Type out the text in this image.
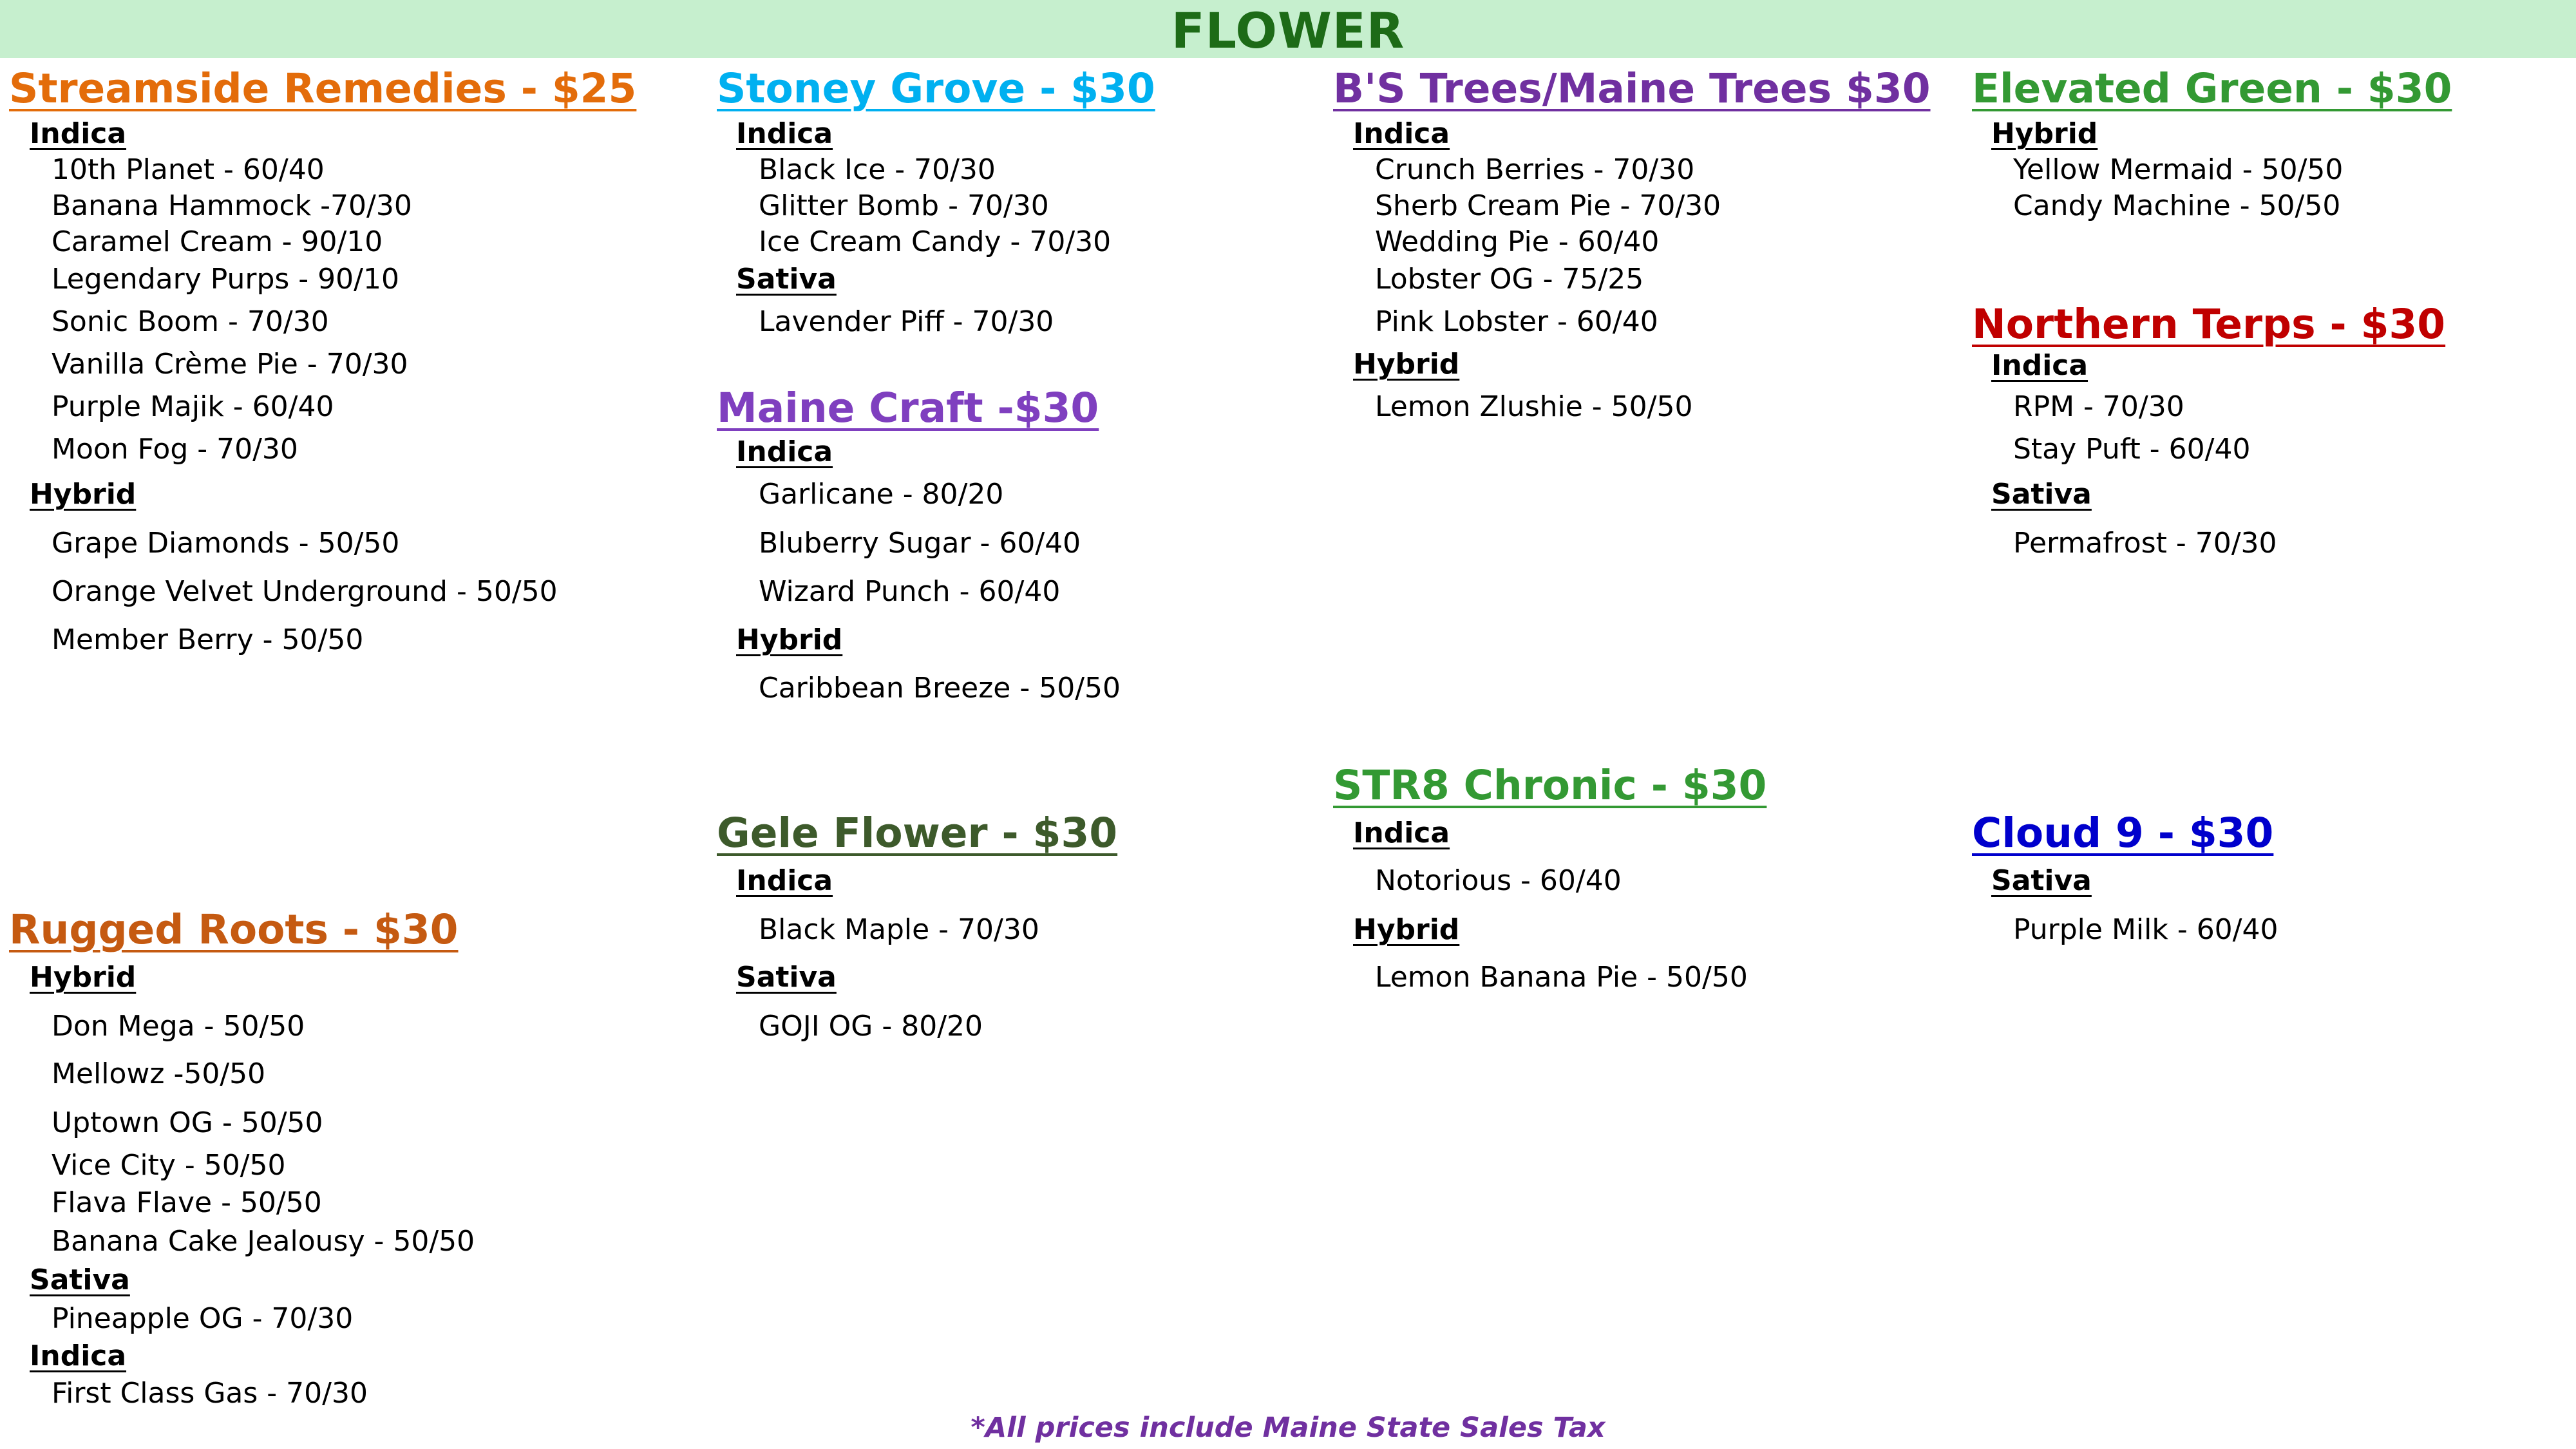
FLOWER
Streamside Remedies - $25
Indica
10th Planet - 60/40
Banana Hammock -70/30
Caramel Cream - 90/10
Legendary Purps - 90/10
Sonic Boom - 70/30
Vanilla Crème Pie - 70/30
Purple Majik - 60/40
Moon Fog - 70/30
Hybrid
Grape Diamonds - 50/50
Orange Velvet Underground - 50/50
Member Berry - 50/50
Stoney Grove - $30
Indica
Black Ice - 70/30
Glitter Bomb - 70/30
Ice Cream Candy - 70/30
Sativa
Lavender Piff - 70/30
Maine Craft -$30
Indica
Garlicane - 80/20
Bluberry Sugar - 60/40
Wizard Punch - 60/40
Hybrid
Caribbean Breeze - 50/50
B'S Trees/Maine Trees $30
Indica
Crunch Berries - 70/30
Sherb Cream Pie - 70/30
Wedding Pie - 60/40
Lobster OG - 75/25
Pink Lobster - 60/40
Hybrid
Lemon Zlushie - 50/50
STR8 Chronic - $30
Indica
Notorious - 60/40
Hybrid
Lemon Banana Pie - 50/50
Elevated Green - $30
Hybrid
Yellow Mermaid - 50/50
Candy Machine - 50/50
Northern Terps - $30
Indica
RPM - 70/30
Stay Puft - 60/40
Sativa
Permafrost - 70/30
Cloud 9 - $30
Sativa
Purple Milk - 60/40
Gele Flower - $30
Indica
Black Maple - 70/30
Sativa
GOJI OG - 80/20
Rugged Roots - $30
Hybrid
Don Mega - 50/50
Mellowz -50/50
Uptown OG - 50/50
Vice City - 50/50
Flava Flave - 50/50
Banana Cake Jealousy - 50/50
Sativa
Pineapple OG - 70/30
Indica
First Class Gas - 70/30
*All prices include Maine State Sales Tax
